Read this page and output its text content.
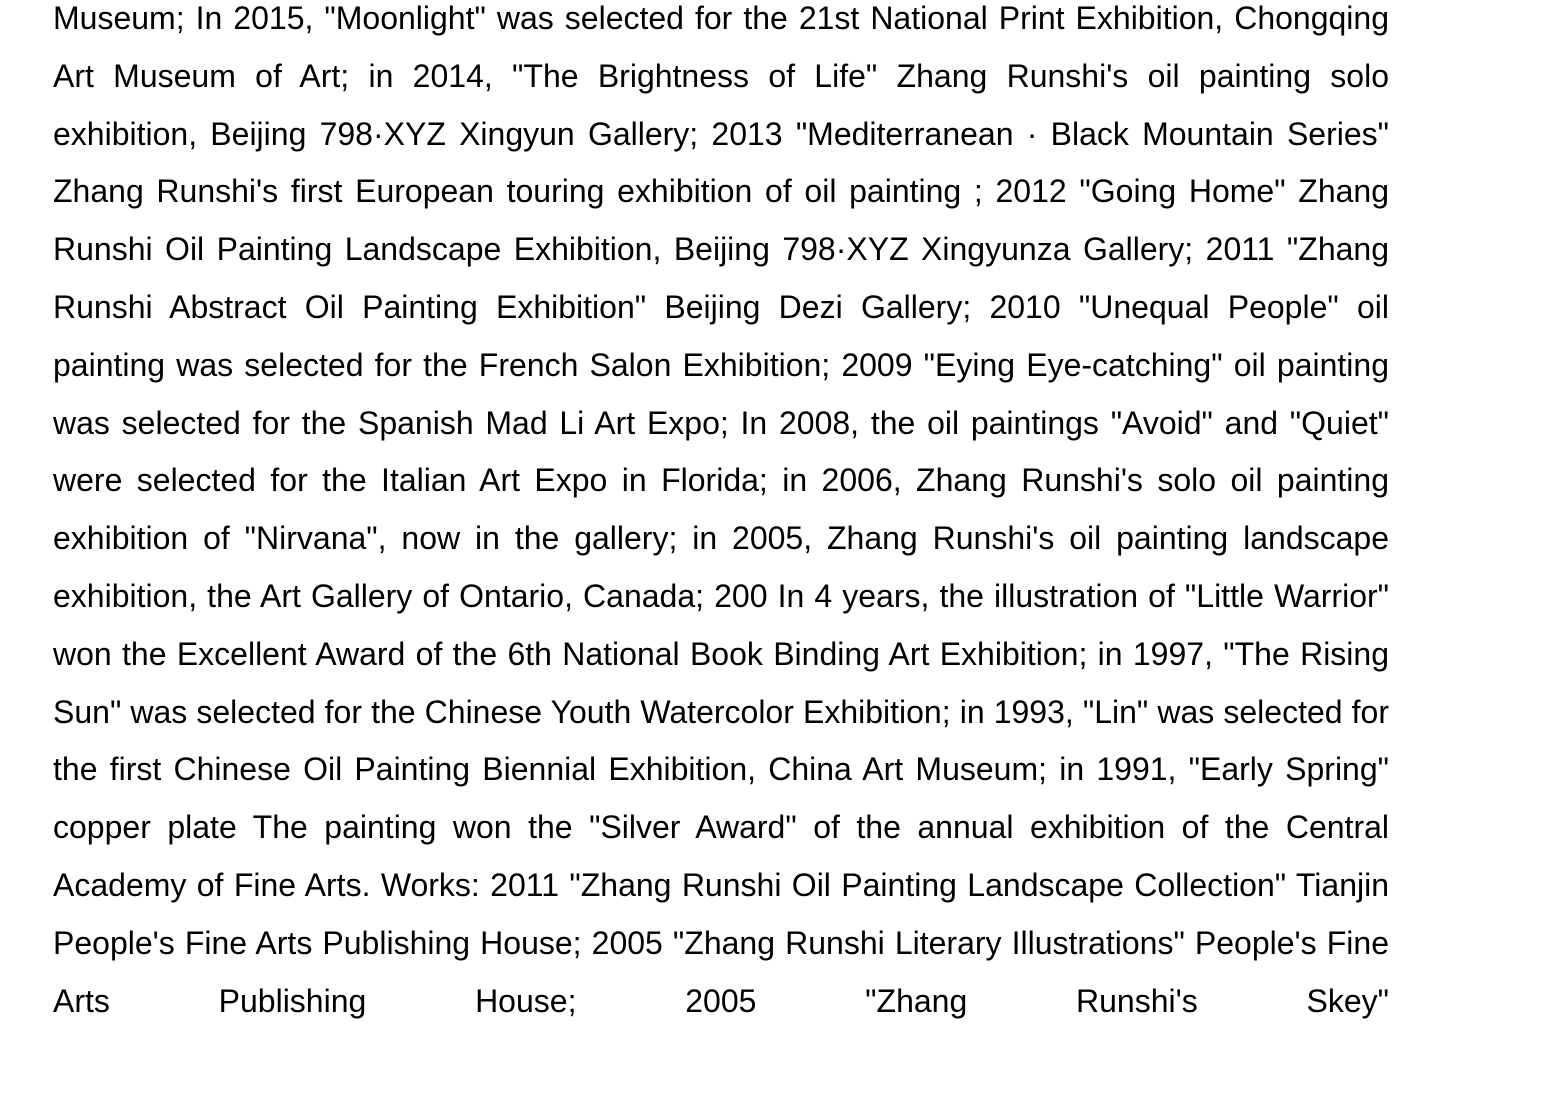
Museum; In 2015, "Moonlight" was selected for the 21st National Print Exhibition, Chongqing Art Museum of Art; in 2014, "The Brightness of Life" Zhang Runshi's oil painting solo exhibition, Beijing 798·XYZ Xingyun Gallery; 2013 "Mediterranean · Black Mountain Series" Zhang Runshi's first European touring exhibition of oil painting ; 2012 "Going Home" Zhang Runshi Oil Painting Landscape Exhibition, Beijing 798·XYZ Xingyunza Gallery; 2011 "Zhang Runshi Abstract Oil Painting Exhibition" Beijing Dezi Gallery; 2010 "Unequal People" oil painting was selected for the French Salon Exhibition; 2009 "Eying Eye-catching" oil painting was selected for the Spanish Mad Li Art Expo; In 2008, the oil paintings "Avoid" and "Quiet" were selected for the Italian Art Expo in Florida; in 2006, Zhang Runshi's solo oil painting exhibition of "Nirvana", now in the gallery; in 2005, Zhang Runshi's oil painting landscape exhibition, the Art Gallery of Ontario, Canada; 200 In 4 years, the illustration of "Little Warrior" won the Excellent Award of the 6th National Book Binding Art Exhibition; in 1997, "The Rising Sun" was selected for the Chinese Youth Watercolor Exhibition; in 1993, "Lin" was selected for the first Chinese Oil Painting Biennial Exhibition, China Art Museum; in 1991, "Early Spring" copper plate The painting won the "Silver Award" of the annual exhibition of the Central Academy of Fine Arts. Works: 2011 "Zhang Runshi Oil Painting Landscape Collection" Tianjin People's Fine Arts Publishing House; 2005 "Zhang Runshi Literary Illustrations" People's Fine Arts Publishing House; 2005 "Zhang Runshi's Skey"
